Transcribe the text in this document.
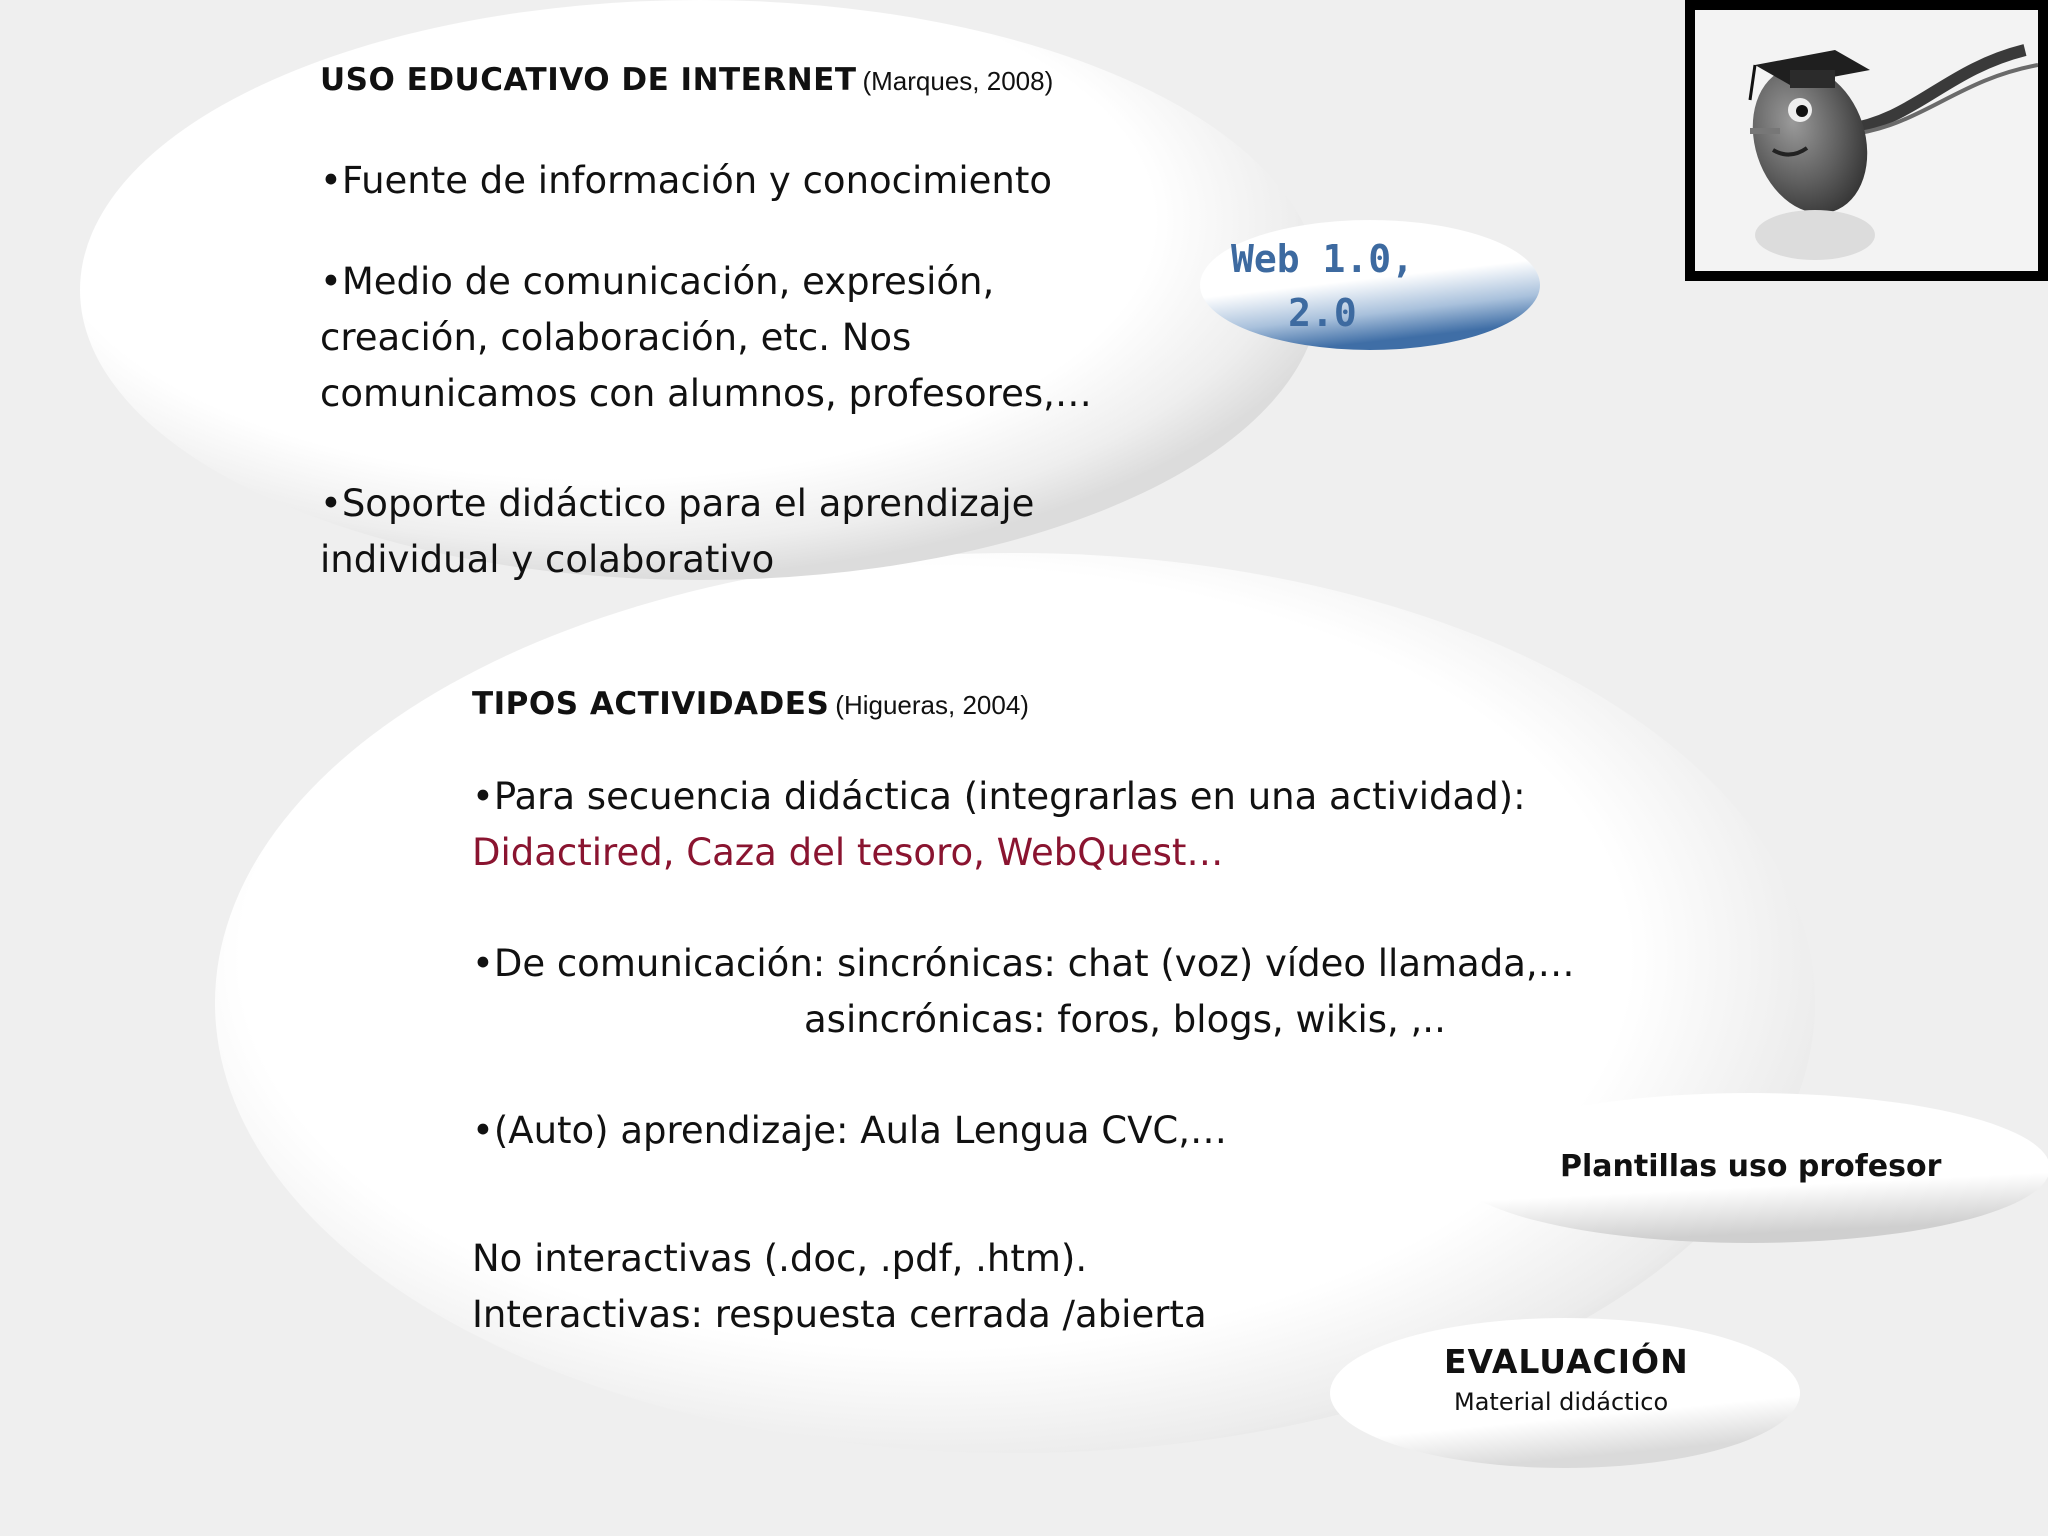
USO EDUCATIVO DE INTERNET (Marques, 2008)
•Fuente de información y conocimiento
•Medio de comunicación, expresión,
creación, colaboración, etc. Nos
comunicamos con alumnos, profesores,…
•Soporte didáctico para el aprendizaje
individual y colaborativo
Web 1.0,
2.0
TIPOS ACTIVIDADES (Higueras, 2004)
•Para secuencia didáctica (integrarlas en una actividad):
Didactired, Caza del tesoro, WebQuest…
•De comunicación: sincrónicas: chat (voz) vídeo llamada,…
asincrónicas: foros, blogs, wikis, ,..
•(Auto) aprendizaje: Aula Lengua CVC,…
No interactivas (.doc, .pdf, .htm).
Interactivas: respuesta cerrada /abierta
Plantillas uso profesor
EVALUACIÓN
Material didáctico
